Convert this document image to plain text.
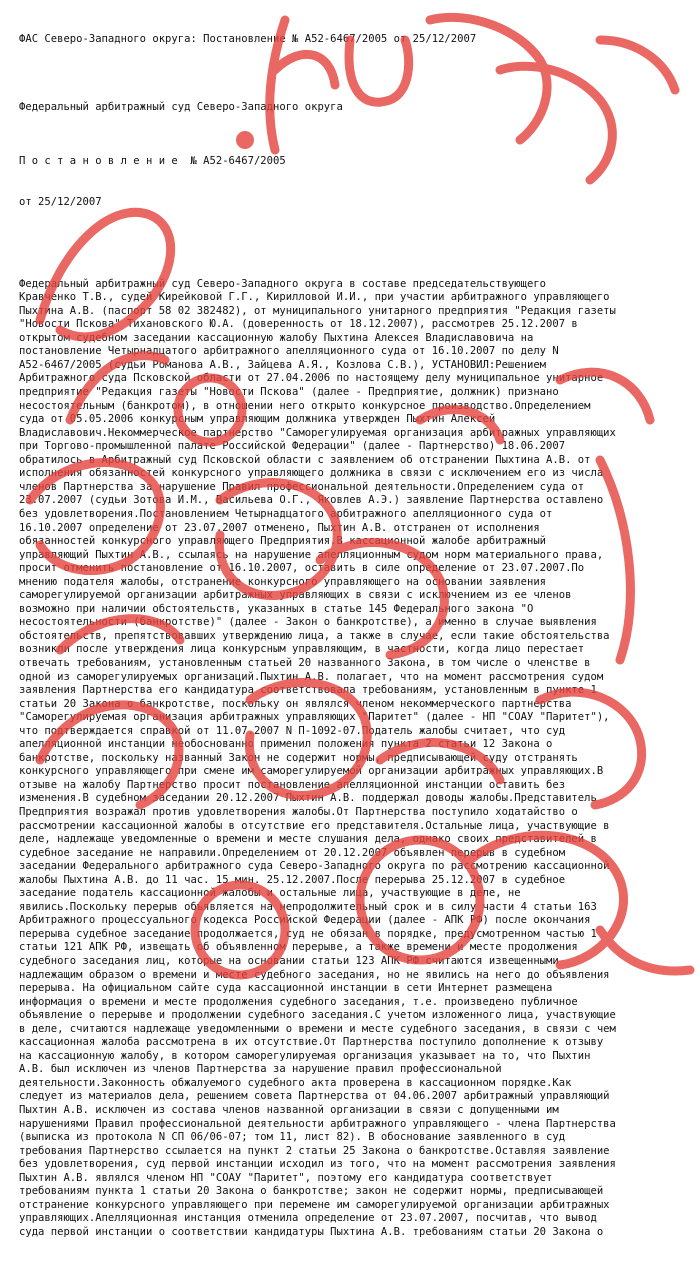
ФАС Северо-Западного округа: Постановление № А52-6467/2005 от 25/12/2007

Федеральный арбитражный суд Северо-Западного округа

П о с т а н о в л е н и е  № А52-6467/2005

от 25/12/2007

Федеральный арбитражный суд Северо-Западного округа в составе председательствующего
Кравченко Т.В., судей Кирейковой Г.Г., Кирилловой И.И., при участии арбитражного управляющего
Пыхтина А.В. (паспорт 58 02 382482), от муниципального унитарного предприятия "Редакция газеты
"Новости Пскова" Тихановского Ю.А. (доверенность от 18.12.2007), рассмотрев 25.12.2007 в
открытом судебном заседании кассационную жалобу Пыхтина Алексея Владиславовича на
постановление Четырнадцатого арбитражного апелляционного суда от 16.10.2007 по делу N
А52-6467/2005 (судьи Романова А.В., Зайцева А.Я., Козлова С.В.), УСТАНОВИЛ:Решением
Арбитражного суда Псковской области от 27.04.2006 по настоящему делу муниципальное унитарное
предприятие "Редакция газеты "Новости Пскова" (далее - Предприятие, должник) признано
несостоятельным (банкротом), в отношении него открыто конкурсное производство.Определением
суда от 05.05.2006 конкурсным управляющим должника утвержден Пыхтин Алексей
Владиславович.Некоммерческое партнерство "Саморегулируемая организация арбитражных управляющих
при Торгово-промышленной палате Российской Федерации" (далее - Партнерство) 18.06.2007
обратилось в Арбитражный суд Псковской области с заявлением об отстранении Пыхтина А.В. от
исполнения обязанностей конкурсного управляющего должника в связи с исключением его из числа
членов Партнерства за нарушение Правил профессиональной деятельности.Определением суда от
23.07.2007 (судьи Зотова И.М., Васильева О.Г., Яковлев А.Э.) заявление Партнерства оставлено
без удовлетворения.Постановлением Четырнадцатого арбитражного апелляционного суда от
16.10.2007 определение от 23.07.2007 отменено, Пыхтин А.В. отстранен от исполнения
обязанностей конкурсного управляющего Предприятия.В кассационной жалобе арбитражный
управляющий Пыхтин А.В., ссылаясь на нарушение апелляционным судом норм материального права,
просит отменить постановление от 16.10.2007, оставить в силе определение от 23.07.2007.По
мнению подателя жалобы, отстранение конкурсного управляющего на основании заявления
саморегулируемой организации арбитражных управляющих в связи с исключением из ее членов
возможно при наличии обстоятельств, указанных в статье 145 Федерального закона "О
несостоятельности (банкротстве)" (далее - Закон о банкротстве), а именно в случае выявления
обстоятельств, препятствовавших утверждению лица, а также в случае, если такие обстоятельства
возникли после утверждения лица конкурсным управляющим, в частности, когда лицо перестает
отвечать требованиям, установленным статьей 20 названного Закона, в том числе о членстве в
одной из саморегулируемых организаций.Пыхтин А.В. полагает, что на момент рассмотрения судом
заявления Партнерства его кандидатура соответствовала требованиям, установленным в пункте 1
статьи 20 Закона о банкротстве, поскольку он являлся членом некоммерческого партнерства
"Саморегулируемая организация арбитражных управляющих "Паритет" (далее - НП "СОАУ "Паритет"),
что подтверждается справкой от 11.07.2007 N П-1092-07.Податель жалобы считает, что суд
апелляционной инстанции необоснованно применил положения пункта 2 статьи 12 Закона о
банкротстве, поскольку названный Закон не содержит нормы, предписывающей суду отстранять
конкурсного управляющего при смене им саморегулируемой организации арбитражных управляющих.В
отзыве на жалобу Партнерство просит постановление апелляционной инстанции оставить без
изменения.В судебном заседании 20.12.2007 Пыхтин А.В. поддержал доводы жалобы.Представитель
Предприятия возражал против удовлетворения жалобы.От Партнерства поступило ходатайство о
рассмотрении кассационной жалобы в отсутствие его представителя.Остальные лица, участвующие в
деле, надлежаще уведомленные о времени и месте слушания дела, однако своих представителей в
судебное заседание не направили.Определением от 20.12.2007 объявлен перерыв в судебном
заседании Федерального арбитражного суда Северо-Западного округа по рассмотрению кассационной
жалобы Пыхтина А.В. до 11 час. 15 мин. 25.12.2007.После перерыва 25.12.2007 в судебное
заседание податель кассационной жалобы и остальные лица, участвующие в деле, не
явились.Поскольку перерыв объявляется на непродолжительный срок и в силу части 4 статьи 163
Арбитражного процессуального кодекса Российской Федерации (далее - АПК РФ) после окончания
перерыва судебное заседание продолжается, суд не обязан в порядке, предусмотренном частью 1
статьи 121 АПК РФ, извещать об объявленном перерыве, а также времени и месте продолжения
судебного заседания лиц, которые на основании статьи 123 АПК РФ считаются извещенными
надлежащим образом о времени и месте судебного заседания, но не явились на него до объявления
перерыва. На официальном сайте суда кассационной инстанции в сети Интернет размещена
информация о времени и месте продолжения судебного заседания, т.е. произведено публичное
объявление о перерыве и продолжении судебного заседания.С учетом изложенного лица, участвующие
в деле, считаются надлежаще уведомленными о времени и месте судебного заседания, в связи с чем
кассационная жалоба рассмотрена в их отсутствие.От Партнерства поступило дополнение к отзыву
на кассационную жалобу, в котором саморегулируемая организация указывает на то, что Пыхтин
А.В. был исключен из членов Партнерства за нарушение правил профессиональной
деятельности.Законность обжалуемого судебного акта проверена в кассационном порядке.Как
следует из материалов дела, решением совета Партнерства от 04.06.2007 арбитражный управляющий
Пыхтин А.В. исключен из состава членов названной организации в связи с допущенными им
нарушениями Правил профессиональной деятельности арбитражного управляющего - члена Партнерства
(выписка из протокола N СП 06/06-07; том 11, лист 82). В обоснование заявленного в суд
требования Партнерство ссылается на пункт 2 статьи 25 Закона о банкротстве.Оставляя заявление
без удовлетворения, суд первой инстанции исходил из того, что на момент рассмотрения заявления
Пыхтин А.В. являлся членом НП "СОАУ "Паритет", поэтому его кандидатура соответствует
требованиям пункта 1 статьи 20 Закона о банкротстве; закон не содержит нормы, предписывающей
отстранение конкурсного управляющего при перемене им саморегулируемой организации арбитражных
управляющих.Апелляционная инстанция отменила определение от 23.07.2007, посчитав, что вывод
суда первой инстанции о соответствии кандидатуры Пыхтина А.В. требованиям статьи 20 Закона о
